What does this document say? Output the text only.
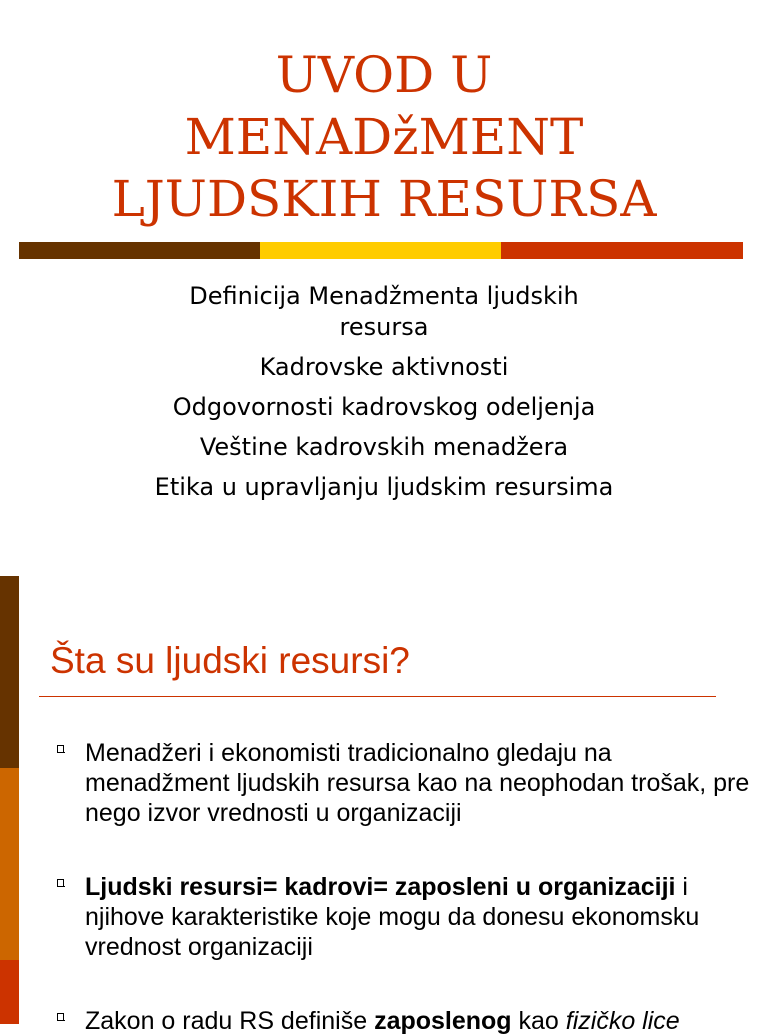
UVOD U
MENADžMENT
LJUDSKIH RESURSA
Definicija Menadžmenta ljudskih resursa
Kadrovske aktivnosti
Odgovornosti kadrovskog odeljenja
Veštine kadrovskih menadžera
Etika u upravljanju ljudskim resursima
Šta su ljudski resursi?
Menadžeri i ekonomisti tradicionalno gledaju na menadžment ljudskih resursa kao na neophodan trošak, pre nego izvor vrednosti u organizaciji
Ljudski resursi= kadrovi= zaposleni u organizaciji i njihove karakteristike koje mogu da donesu ekonomsku vrednost organizaciji
Zakon o radu RS definiše zaposlenog kao fizičko lice
